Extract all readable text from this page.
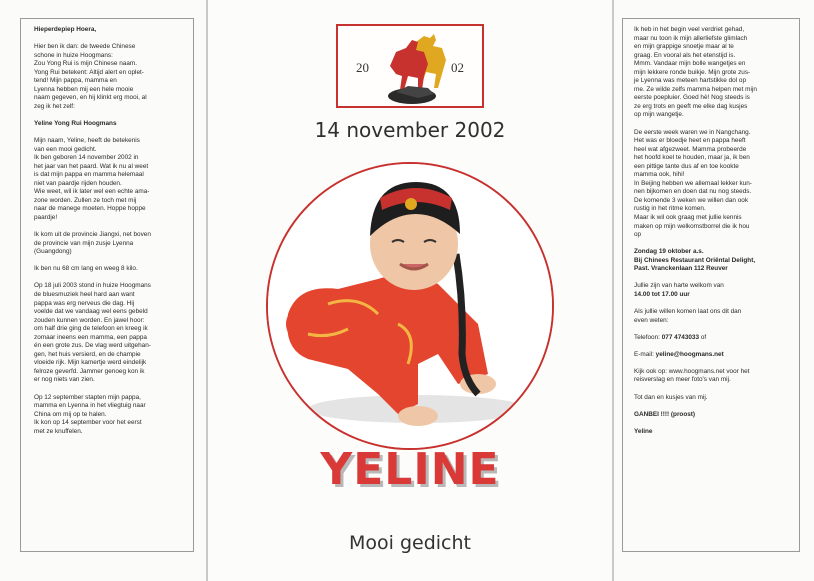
Hieperdepiep Hoera,

Hier ben ik dan: de tweede Chinese
schone in huize Hoogmans:
Zou Yong Rui is mijn Chinese naam.
Yong Rui betekent: Altijd alert en oplet-
tend! Mijn pappa, mamma en
Lyenna hebben mij een hele mooie
naam gegeven, en hij klinkt erg mooi, al
zeg ik het zelf:

Yeline Yong Rui Hoogmans

Mijn naam, Yeline, heeft de betekenis
van een mooi gedicht.
Ik ben geboren 14 november 2002 in
het jaar van het paard. Wat ik nu al weet
is dat mijn pappa en mamma helemaal
niet van paardje rijden houden.
Wie weet, wil ik later wel een echte ama-
zone worden. Zullen ze toch met mij
naar de manege moeten. Hoppe hoppe
paardje!

Ik kom uit de provincie Jiangxi, net boven
de provincie van mijn zusje Lyenna
(Guangdong)

Ik ben nu 68 cm lang en weeg 8 kilo.

Op 18 juli 2003 stond in huize Hoogmans
de bluesmuziek heel hard aan want
pappa was erg nerveus die dag. Hij
voelde dat we vandaag wel eens gebeld
zouden kunnen worden. En jawel hoor:
om half drie ging de telefoon en kreeg ik
zomaar ineens een mamma, een pappa
én een grote zus. De vlag werd uitgehan-
gen, het huis versierd, en de champie
vloeide rijk. Mijn kamertje werd eindelijk
felroze geverfd. Jammer genoeg kon ik
er nog niets van zien.

Op 12 september stapten mijn pappa,
mamma en Lyenna in het vliegtuig naar
China om mij op te halen.
Ik kon op 14 september voor het eerst
met ze knuffelen.

20	02
14 november 2002
YELINE
Mooi gedicht

Ik heb in het begin veel verdriet gehad,
maar nu toon ik mijn allerliefste glimlach
en mijn grappige snoetje maar al te
graag. En vooral als het etenstijd is.
Mmm. Vandaar mijn bolle wangetjes en
mijn lekkere ronde buikje. Mijn grote zus-
je Lyenna was meteen hartstikke dol op
me. Ze wilde zelfs mamma helpen met mijn
eerste poepluier. Goed hè! Nog steeds is
ze erg trots en geeft me elke dag kusjes
op mijn wangetje.

De eerste week waren we in Nangchang.
Het was er bloedje heet en pappa heeft
heel wat afgezweet. Mamma probeerde
het hoofd koel te houden, maar ja, ik ben
een pittige tante dus af en toe kookte
mamma ook, hihi!
In Beijing hebben we allemaal lekker kun-
nen bijkomen en doen dat nu nog steeds.
De komende 3 weken we willen dan ook
rustig in het ritme komen.
Maar ik wil ook graag met jullie kennis
maken op mijn welkomstborrel die ik hou
op

Zondag 19 oktober a.s.
Bij Chinees Restaurant Oriëntal Delight,
Past. Vranckenlaan 112 Reuver

Jullie zijn van harte welkom van
14.00 tot 17.00 uur

Als jullie willen komen laat ons dit dan
even weten:

Telefoon: 077 4743033 of

E-mail: yeline@hoogmans.net

Kijk ook op: www.hoogmans.net voor het
reisverslag en meer foto's van mij.

Tot dan en kusjes van mij.

GANBEI !!!! (proost)

Yeline
